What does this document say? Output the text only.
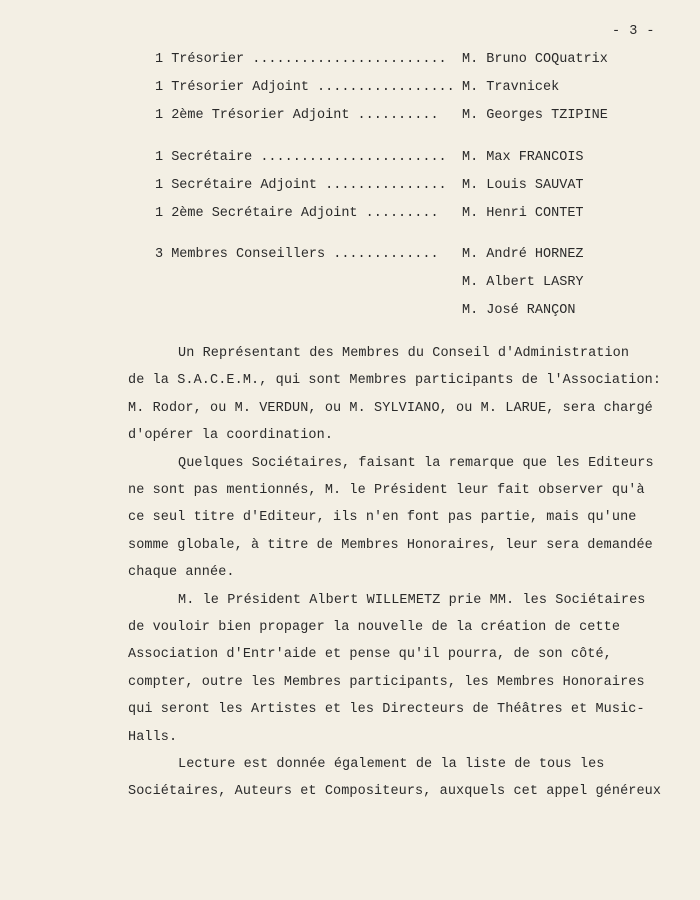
- 3 -
1 Trésorier ........................ M. Bruno COQuatrix
1 Trésorier Adjoint ................. M. Travnicek
1 2ème Trésorier Adjoint .......... M. Georges TZIPINE
1 Secrétaire ....................... M. Max FRANCOIS
1 Secrétaire Adjoint ............... M. Louis SAUVAT
1 2ème Secrétaire Adjoint ......... M. Henri CONTET
3 Membres Conseillers ............. M. André HORNEZ
M. Albert LASRY
M. José RANÇON
Un Représentant des Membres du Conseil d'Administration
de la S.A.C.E.M., qui sont Membres participants de l'Association:
M. Rodor, ou M. VERDUN, ou M. SYLVIANO, ou M. LARUE, sera chargé
d'opérer la coordination.
Quelques Sociétaires, faisant la remarque que les Editeurs
ne sont pas mentionnés, M. le Président leur fait observer qu'à
ce seul titre d'Editeur, ils n'en font pas partie, mais qu'une
somme globale, à titre de Membres Honoraires, leur sera demandée
chaque année.
M. le Président Albert WILLEMETZ prie MM. les Sociétaires
de vouloir bien propager la nouvelle de la création de cette
Association d'Entr'aide et pense qu'il pourra, de son côté,
compter, outre les Membres participants, les Membres Honoraires
qui seront les Artistes et les Directeurs de Théâtres et Music-
Halls.
Lecture est donnée également de la liste de tous les
Sociétaires, Auteurs et Compositeurs, auxquels cet appel généreux
